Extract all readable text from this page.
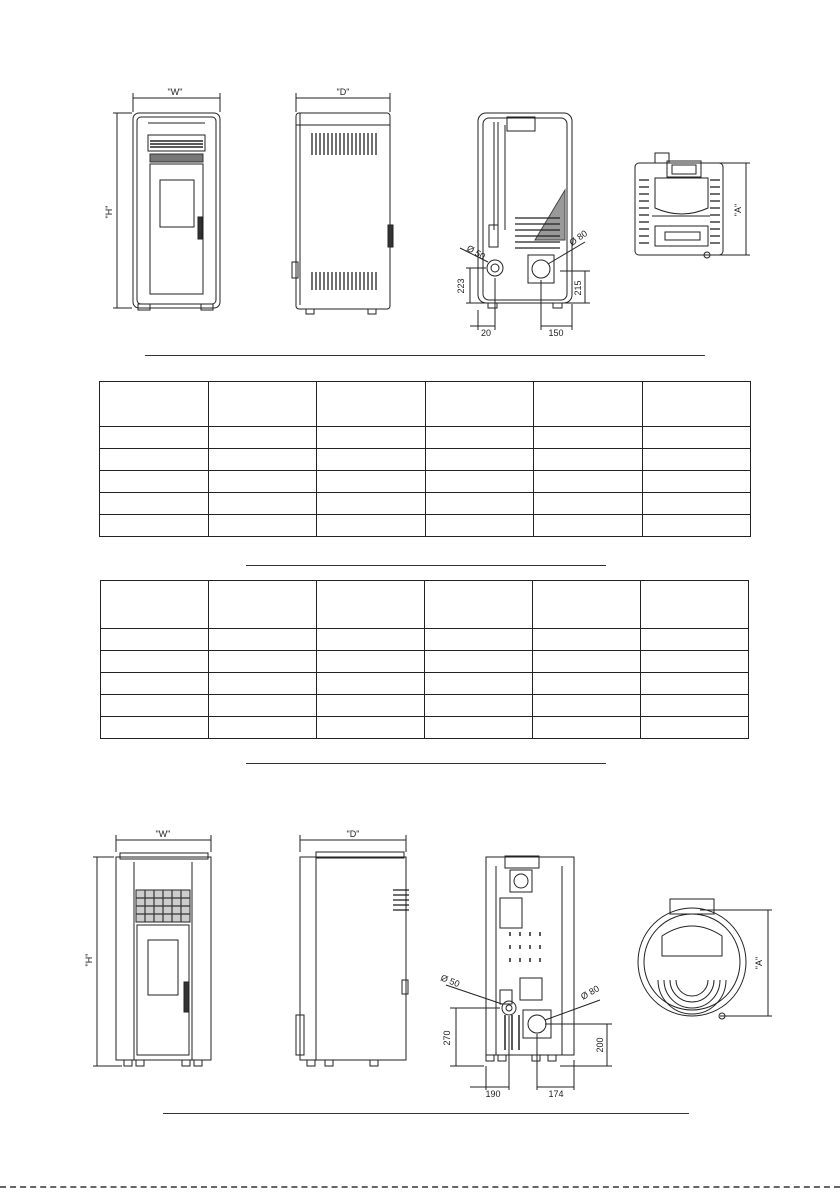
"W"
"H"
"D"
Ø 50
Ø 80
223	215
20	150
"A"

"W"
"H"
"D"
Ø 50
Ø 80
270	200
190	174
"A"
